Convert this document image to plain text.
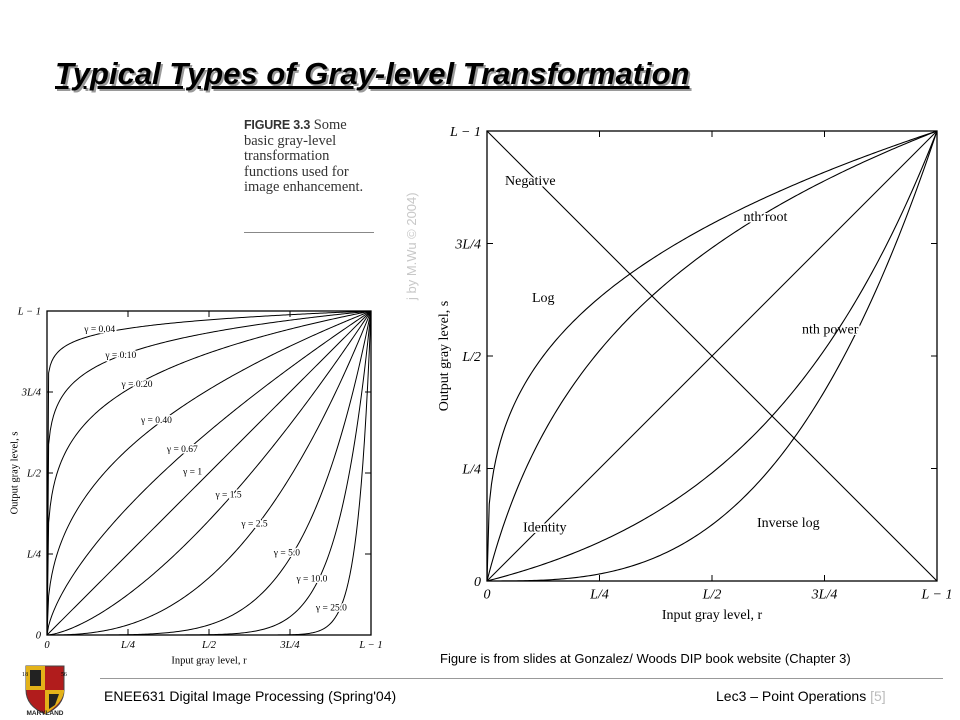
Typical Types of Gray-level Transformation
FIGURE 3.3 Some basic gray-level transformation functions used for image enhancement.
j by M.Wu © 2004)
0	L/4	L/2	3L/4	L − 1
0
L/4
L/2
3L/4
L − 1
Input gray level, r
Output gray level, s
Negative
Log
nth root
Identity
nth power
Inverse log
0	L/4	L/2	3L/4	L − 1
0
L/4
L/2
3L/4
L − 1
Input gray level, r
Output gray level, s
γ = 0.04
γ = 0.10
γ = 0.20
γ = 0.40
γ = 0.67
γ = 1
γ = 1.5
γ = 2.5
γ = 5.0
γ = 10.0
γ = 25.0
Figure is from slides at Gonzalez/ Woods DIP book website (Chapter 3)
18	56
MARYLAND
ENEE631 Digital Image Processing (Spring'04)	Lec3 – Point Operations [5]
